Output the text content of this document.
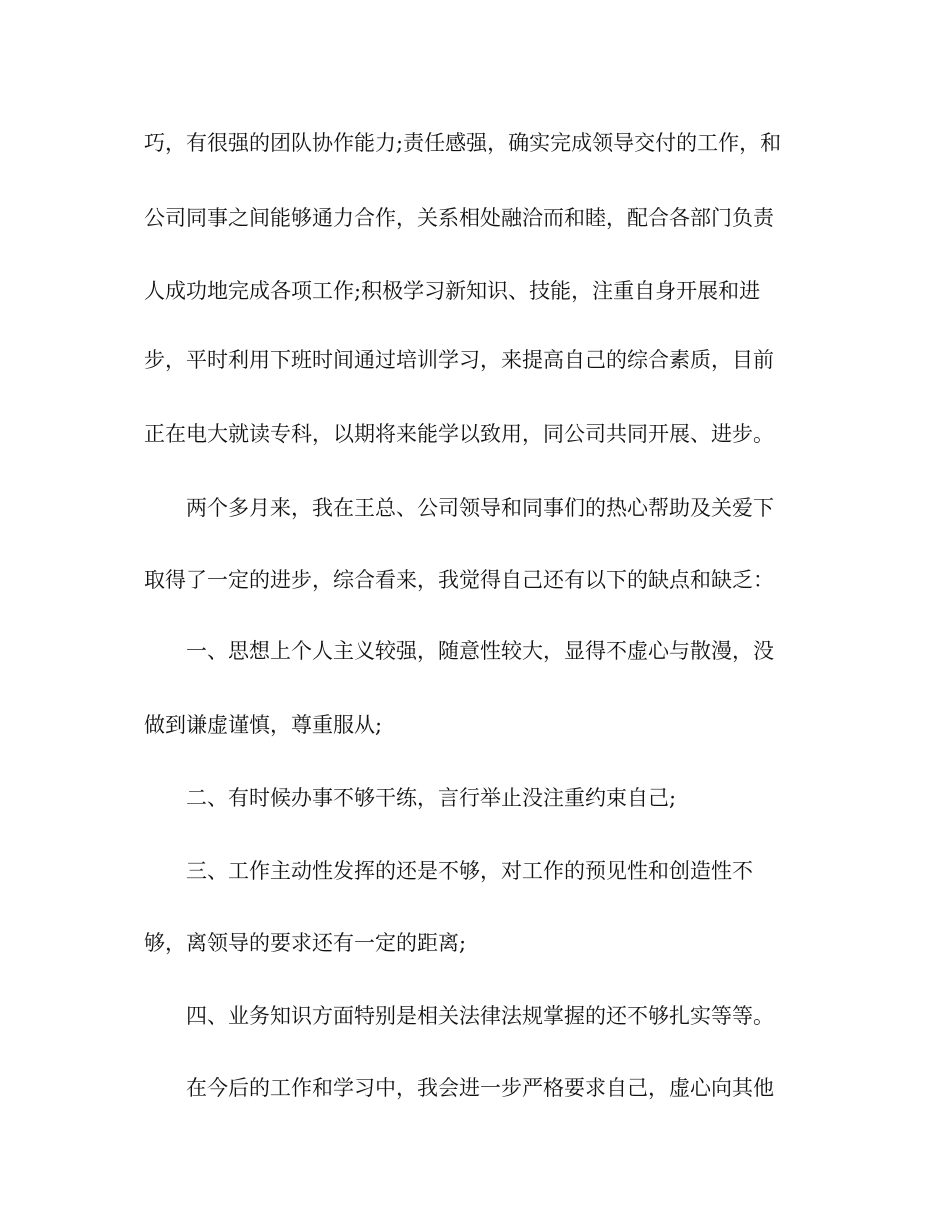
巧，有很强的团队协作能力;责任感强，确实完成领导交付的工作，和
公司同事之间能够通力合作，关系相处融洽而和睦，配合各部门负责
人成功地完成各项工作;积极学习新知识、技能，注重自身开展和进
步，平时利用下班时间通过培训学习，来提高自己的综合素质，目前
正在电大就读专科，以期将来能学以致用，同公司共同开展、进步。
两个多月来，我在王总、公司领导和同事们的热心帮助及关爱下
取得了一定的进步，综合看来，我觉得自己还有以下的缺点和缺乏：
一、思想上个人主义较强，随意性较大，显得不虚心与散漫，没
做到谦虚谨慎，尊重服从;
二、有时候办事不够干练，言行举止没注重约束自己;
三、工作主动性发挥的还是不够，对工作的预见性和创造性不
够，离领导的要求还有一定的距离;
四、业务知识方面特别是相关法律法规掌握的还不够扎实等等。
在今后的工作和学习中，我会进一步严格要求自己，虚心向其他
